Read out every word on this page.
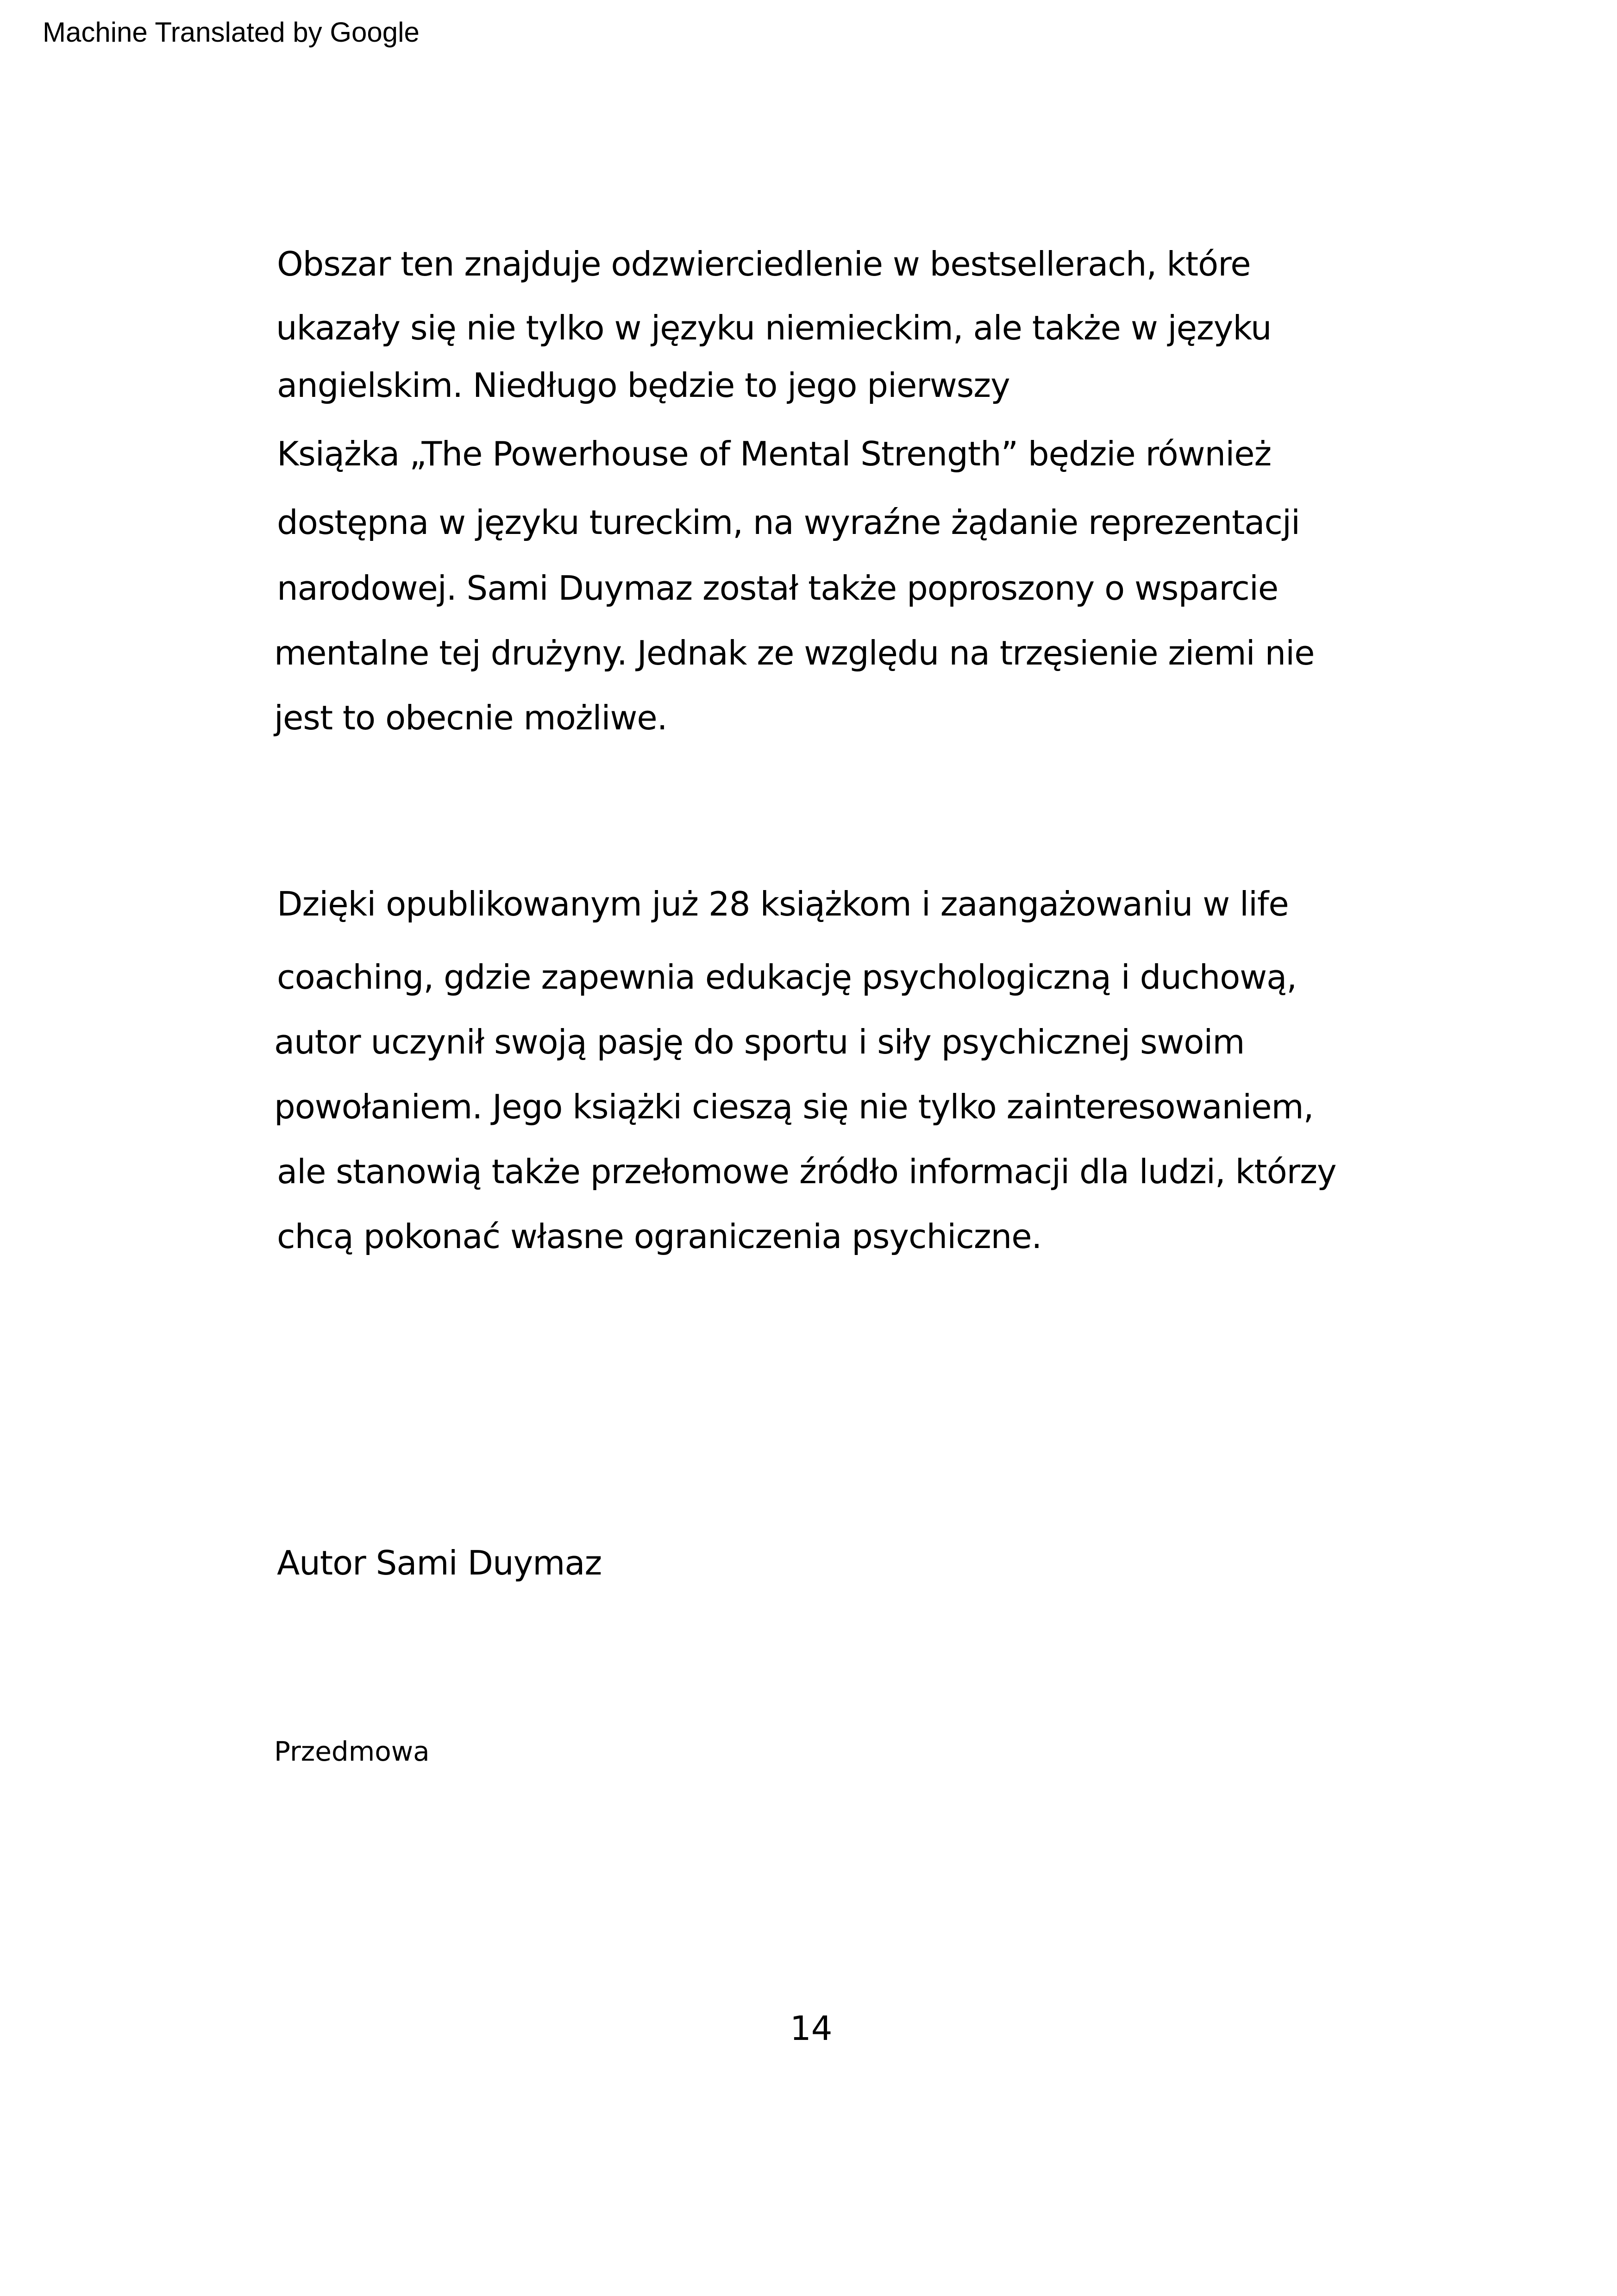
Machine Translated by Google
Obszar ten znajduje odzwierciedlenie w bestsellerach, które
ukazały się nie tylko w języku niemieckim, ale także w języku
angielskim. Niedługo będzie to jego pierwszy
Książka „The Powerhouse of Mental Strength” będzie również
dostępna w języku tureckim, na wyraźne żądanie reprezentacji
narodowej. Sami Duymaz został także poproszony o wsparcie
mentalne tej drużyny. Jednak ze względu na trzęsienie ziemi nie
jest to obecnie możliwe.
Dzięki opublikowanym już 28 książkom i zaangażowaniu w life
coaching, gdzie zapewnia edukację psychologiczną i duchową,
autor uczynił swoją pasję do sportu i siły psychicznej swoim
powołaniem. Jego książki cieszą się nie tylko zainteresowaniem,
ale stanowią także przełomowe źródło informacji dla ludzi, którzy
chcą pokonać własne ograniczenia psychiczne.
Autor Sami Duymaz
Przedmowa
14
